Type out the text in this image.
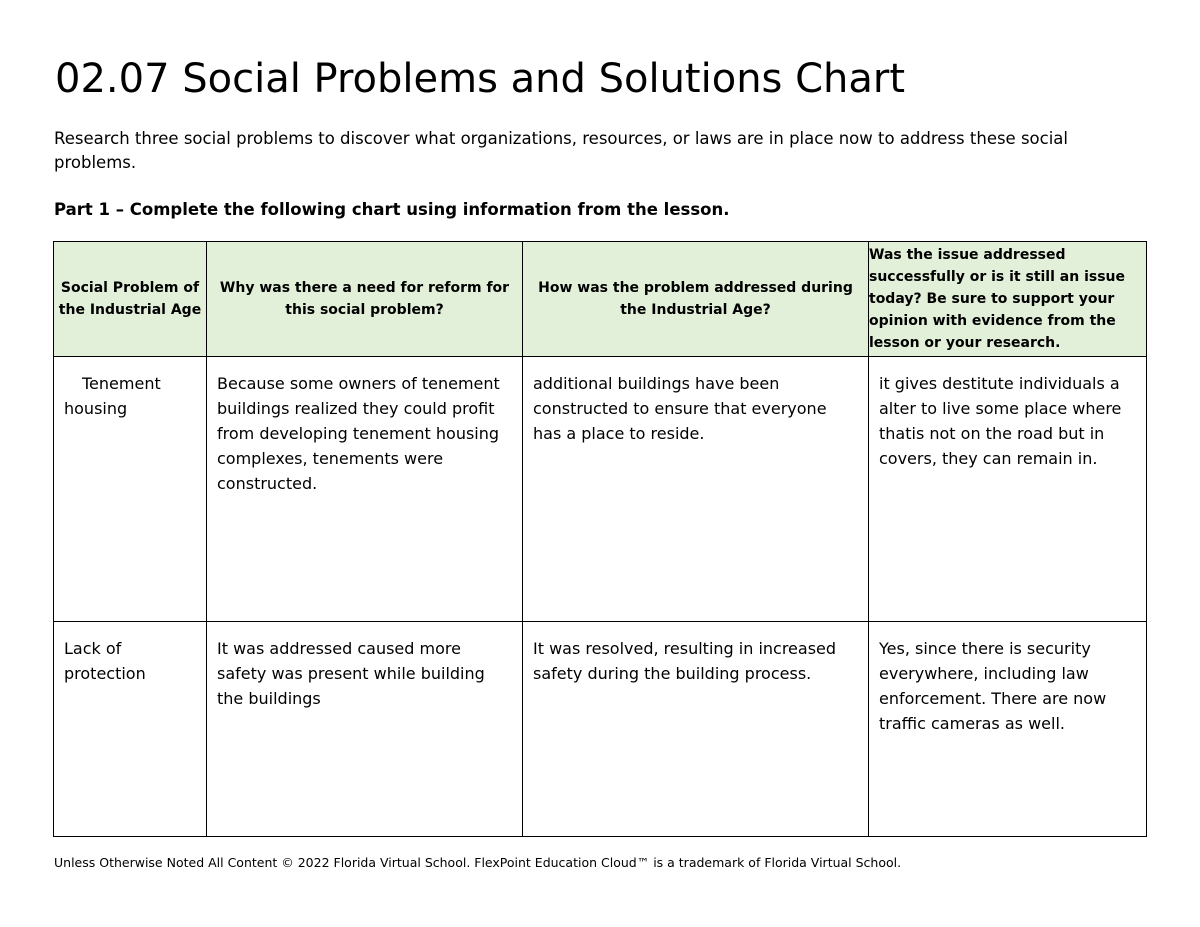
02.07 Social Problems and Solutions Chart

Research three social problems to discover what organizations, resources, or laws are in place now to address these social problems.

Part 1 – Complete the following chart using information from the lesson.

Social Problem of the Industrial Age	Why was there a need for reform for this social problem?	How was the problem addressed during the Industrial Age?	Was the issue addressed successfully or is it still an issue today? Be sure to support your opinion with evidence from the lesson or your research.
Tenement housing	Because some owners of tenement buildings realized they could profit from developing tenement housing complexes, tenements were constructed.	additional buildings have been constructed to ensure that everyone has a place to reside.	it gives destitute individuals a alter to live some place where thatis not on the road but in covers, they can remain in.
Lack of protection	It was addressed caused more safety was present while building the buildings	It was resolved, resulting in increased safety during the building process.	Yes, since there is security everywhere, including law enforcement. There are now traffic cameras as well.

Unless Otherwise Noted All Content © 2022 Florida Virtual School. FlexPoint Education Cloud™ is a trademark of Florida Virtual School.
